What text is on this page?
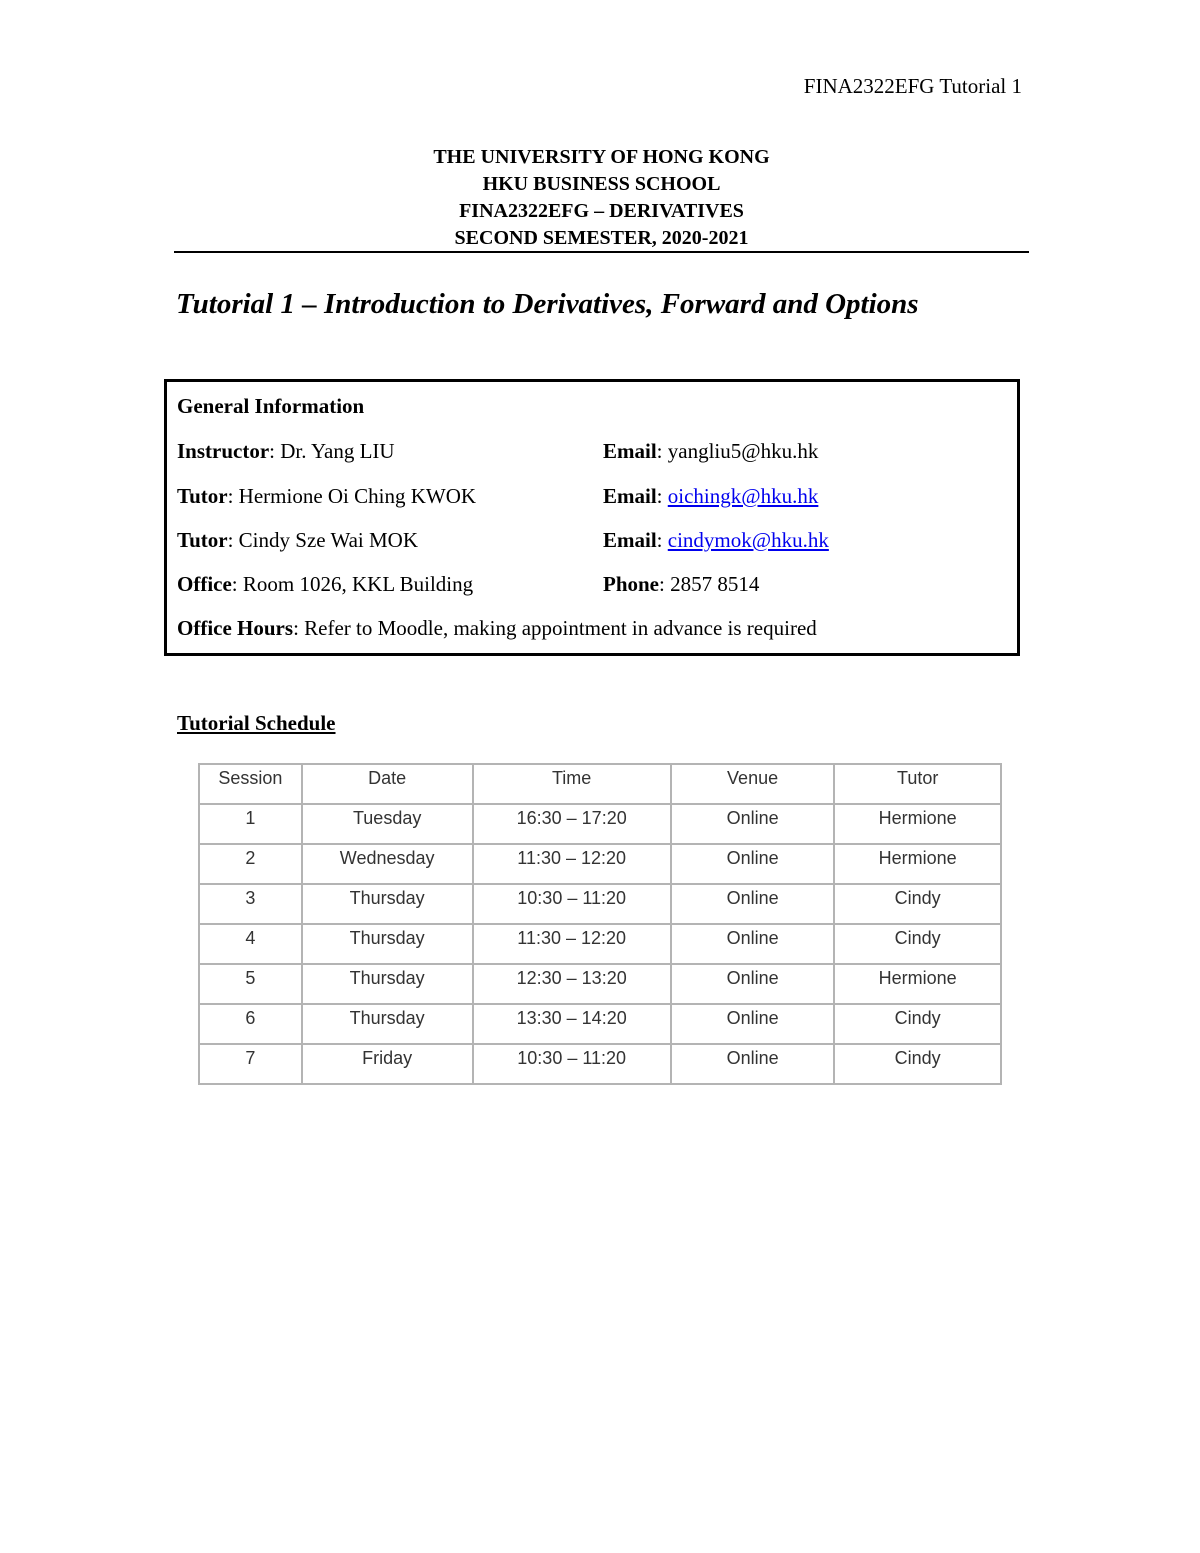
FINA2322EFG Tutorial 1
THE UNIVERSITY OF HONG KONG
HKU BUSINESS SCHOOL
FINA2322EFG – DERIVATIVES
SECOND SEMESTER, 2020-2021
Tutorial 1 – Introduction to Derivatives, Forward and Options
General Information
Instructor: Dr. Yang LIU	Email: yangliu5@hku.hk
Tutor: Hermione Oi Ching KWOK	Email: oichingk@hku.hk
Tutor: Cindy Sze Wai MOK	Email: cindymok@hku.hk
Office: Room 1026, KKL Building	Phone: 2857 8514
Office Hours: Refer to Moodle, making appointment in advance is required
Tutorial Schedule
Session	Date	Time	Venue	Tutor
1	Tuesday	16:30 – 17:20	Online	Hermione
2	Wednesday	11:30 – 12:20	Online	Hermione
3	Thursday	10:30 – 11:20	Online	Cindy
4	Thursday	11:30 – 12:20	Online	Cindy
5	Thursday	12:30 – 13:20	Online	Hermione
6	Thursday	13:30 – 14:20	Online	Cindy
7	Friday	10:30 – 11:20	Online	Cindy
